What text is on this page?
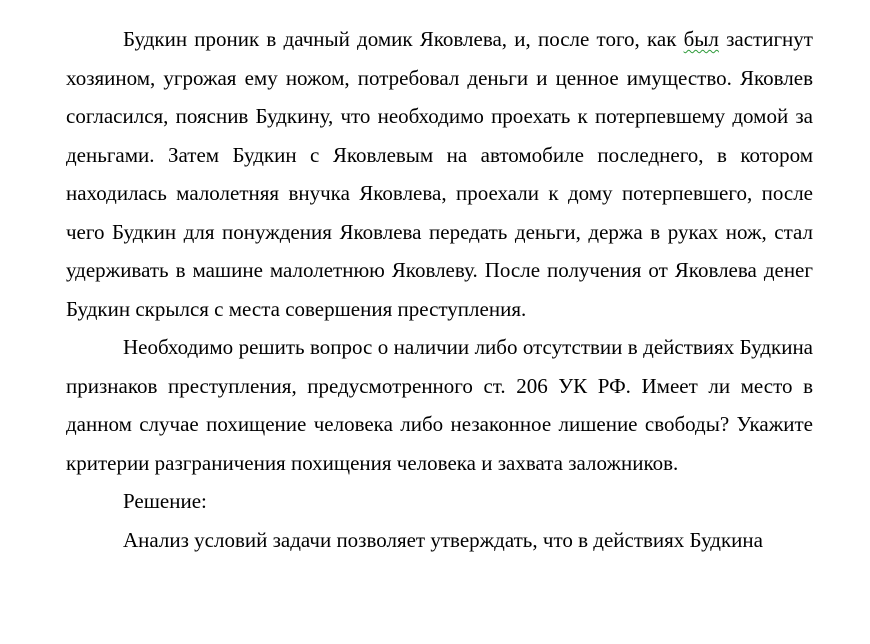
Будкин проник в дачный домик Яковлева, и, после того, как был застигнут хозяином, угрожая ему ножом, потребовал деньги и ценное имущество. Яковлев согласился, пояснив Будкину, что необходимо проехать к потерпевшему домой за деньгами. Затем Будкин с Яковлевым на автомобиле последнего, в котором находилась малолетняя внучка Яковлева, проехали к дому потерпевшего, после чего Будкин для понуждения Яковлева передать деньги, держа в руках нож, стал удерживать в машине малолетнюю Яковлеву. После получения от Яковлева денег Будкин скрылся с места совершения преступления.

Необходимо решить вопрос о наличии либо отсутствии в действиях Будкина признаков преступления, предусмотренного ст. 206 УК РФ. Имеет ли место в данном случае похищение человека либо незаконное лишение свободы? Укажите критерии разграничения похищения человека и захвата заложников.

Решение:

Анализ условий задачи позволяет утверждать, что в действиях Будкина
